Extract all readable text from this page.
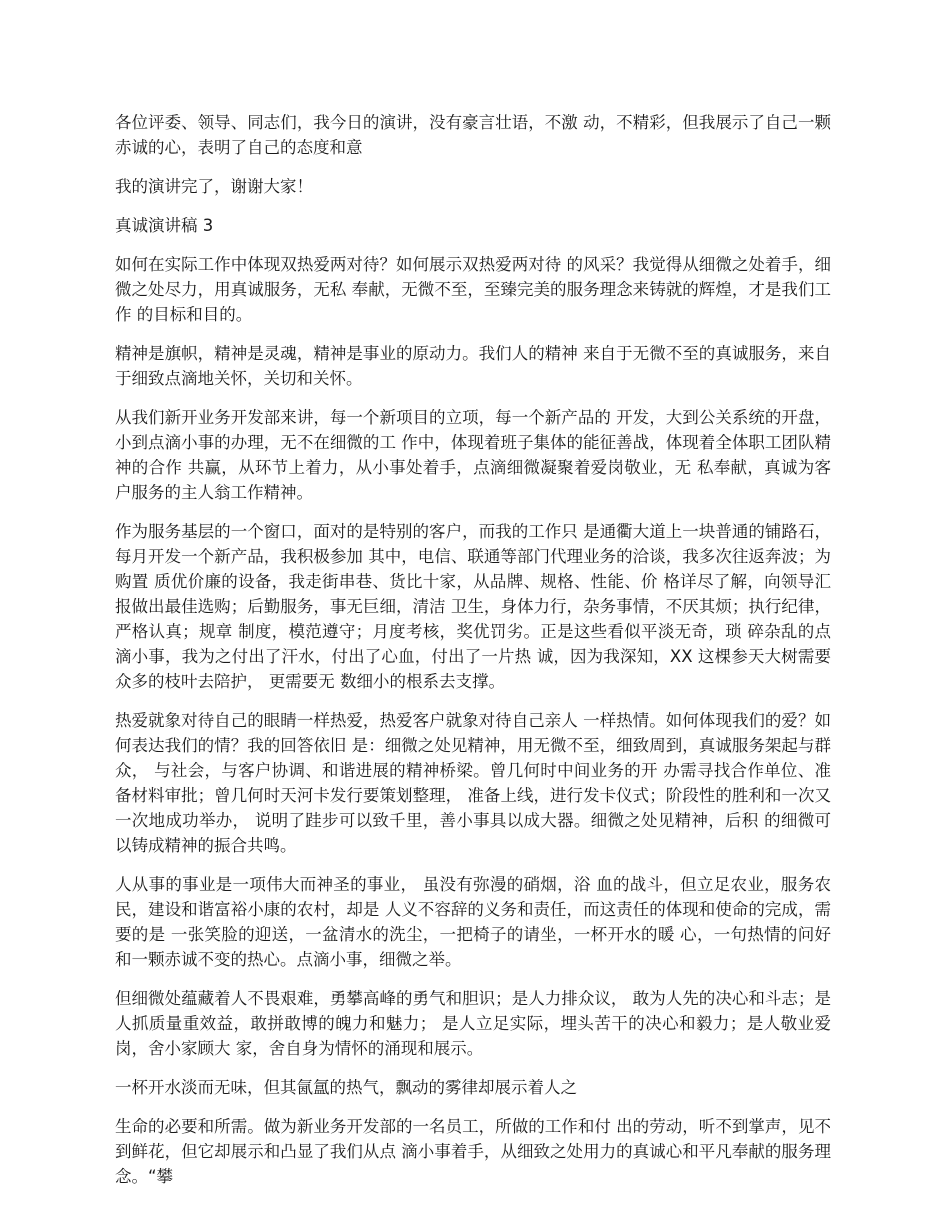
各位评委、领导、同志们，我今日的演讲，没有豪言壮语，不激 动，不精彩，但我展示了自己一颗赤诚的心，表明了自己的态度和意

我的演讲完了，谢谢大家！

真诚演讲稿 3

如何在实际工作中体现双热爱两对待？如何展示双热爱两对待 的风采？我觉得从细微之处着手，细微之处尽力，用真诚服务，无私 奉献，无微不至，至臻完美的服务理念来铸就的辉煌，才是我们工作 的目标和目的。

精神是旗帜，精神是灵魂，精神是事业的原动力。我们人的精神 来自于无微不至的真诚服务，来自于细致点滴地关怀，关切和关怀。

从我们新开业务开发部来讲，每一个新项目的立项，每一个新产品的 开发，大到公关系统的开盘，小到点滴小事的办理，无不在细微的工 作中，体现着班子集体的能征善战，体现着全体职工团队精神的合作 共赢，从环节上着力，从小事处着手，点滴细微凝聚着爱岗敬业，无 私奉献，真诚为客户服务的主人翁工作精神。

作为服务基层的一个窗口，面对的是特别的客户，而我的工作只 是通衢大道上一块普通的铺路石，每月开发一个新产品，我积极参加 其中，电信、联通等部门代理业务的洽谈，我多次往返奔波；为购置 质优价廉的设备，我走街串巷、货比十家，从品牌、规格、性能、价 格详尽了解，向领导汇报做出最佳选购；后勤服务，事无巨细，清洁 卫生，身体力行，杂务事情，不厌其烦；执行纪律，严格认真；规章 制度，模范遵守；月度考核，奖优罚劣。正是这些看似平淡无奇，琐 碎杂乱的点滴小事，我为之付出了汗水，付出了心血，付出了一片热 诚，因为我深知，XX 这棵参天大树需要众多的枝叶去陪护， 更需要无 数细小的根系去支撑。

热爱就象对待自己的眼睛一样热爱，热爱客户就象对待自己亲人 一样热情。如何体现我们的爱？如何表达我们的情？我的回答依旧 是：细微之处见精神，用无微不至，细致周到，真诚服务架起与群众， 与社会，与客户协调、和谐进展的精神桥梁。曾几何时中间业务的开 办需寻找合作单位、准备材料审批；曾几何时天河卡发行要策划整理， 准备上线，进行发卡仪式；阶段性的胜利和一次又一次地成功举办， 说明了跬步可以致千里，善小事具以成大器。细微之处见精神，后积 的细微可以铸成精神的振合共鸣。

人从事的事业是一项伟大而神圣的事业， 虽没有弥漫的硝烟，浴 血的战斗，但立足农业，服务农民，建设和谐富裕小康的农村，却是 人义不容辞的义务和责任，而这责任的体现和使命的完成，需要的是 一张笑脸的迎送，一盆清水的洗尘，一把椅子的请坐，一杯开水的暖 心，一句热情的问好和一颗赤诚不变的热心。点滴小事，细微之举。

但细微处蕴藏着人不畏艰难，勇攀高峰的勇气和胆识；是人力排众议， 敢为人先的决心和斗志；是人抓质量重效益，敢拼敢博的魄力和魅力； 是人立足实际，埋头苦干的决心和毅力；是人敬业爱岗，舍小家顾大 家，舍自身为情怀的涌现和展示。

一杯开水淡而无味，但其氤氲的热气，飘动的雾律却展示着人之

生命的必要和所需。做为新业务开发部的一名员工，所做的工作和付 出的劳动，听不到掌声，见不到鲜花，但它却展示和凸显了我们从点 滴小事着手，从细致之处用力的真诚心和平凡奉献的服务理念。“攀
